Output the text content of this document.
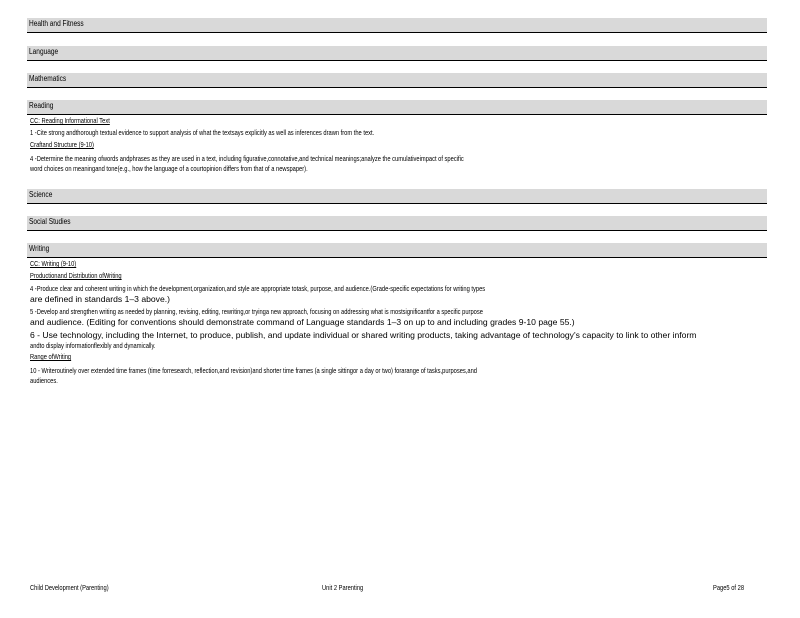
Health and Fitness
Language
Mathematics
Reading
CC: Reading Informational Text
1 -Cite strong andthorough textual evidence to support analysis of what the textsays explicitly as well as inferences drawn from the text.
Craftand Structure (9-10)
4 -Determine the meaning ofwords andphrases as they are used in a text, including figurative,connotative,and technical meanings;analyze the cumulativeimpact of specific
word choices on meaningand tone(e.g., how the language of a courtopinion differs from that of a newspaper).
Science
Social Studies
Writing
CC: Writing (9-10)
Productionand Distribution ofWriting
4 -Produce clear and coherent writing in which the development,organization,and style are appropriate totask, purpose, and audience.(Grade-specific expectations for writing types
are defined in standards 1–3 above.)
5 -Develop and strengthen writing as needed by planning, revising, editing, rewriting,or tryinga new approach, focusing on addressing what is mostsignificantfor a specific purpose
and audience. (Editing for conventions should demonstrate command of Language standards 1–3 on up to and including grades 9-10 page 55.)
6 - Use technology, including the Internet, to produce, publish, and update individual or shared writing products, taking advantage of technology's capacity to link to other inform
andto display informationflexibly and dynamically.
Range ofWriting
10 - Writeroutinely over extended time frames (time forresearch, reflection,and revision)and shorter time frames (a single sittingor a day or two) forarange of tasks,purposes,and
audiences.
Child Development (Parenting)	Unit 2 Parenting	Page5 of 28
